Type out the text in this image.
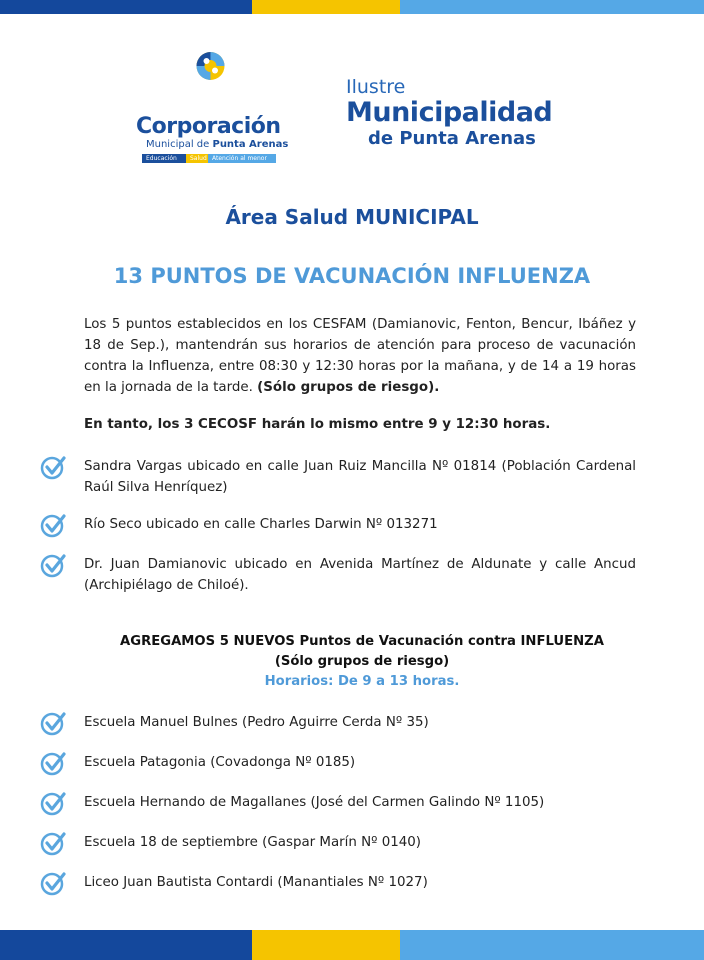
Corporación
Municipal de Punta Arenas
Educación	Salud Atención al menor
Ilustre
Municipalidad
de Punta Arenas
Área Salud MUNICIPAL
13 PUNTOS DE VACUNACIÓN INFLUENZA
Los 5 puntos establecidos en los CESFAM (Damianovic, Fenton, Bencur, Ibáñez y 18 de Sep.), mantendrán sus horarios de atención para proceso de vacunación contra la Influenza, entre 08:30 y 12:30 horas por la mañana, y de 14 a 19 horas en la jornada de la tarde. (Sólo grupos de riesgo).
En tanto, los 3 CECOSF harán lo mismo entre 9 y 12:30 horas.
Sandra Vargas ubicado en calle Juan Ruiz Mancilla Nº 01814 (Población Cardenal Raúl Silva Henríquez)
Río Seco ubicado en calle Charles Darwin Nº 013271
Dr. Juan Damianovic ubicado en Avenida Martínez de Aldunate y calle Ancud (Archipiélago de Chiloé).
AGREGAMOS 5 NUEVOS Puntos de Vacunación contra INFLUENZA
(Sólo grupos de riesgo)
Horarios: De 9 a 13 horas.
Escuela Manuel Bulnes (Pedro Aguirre Cerda Nº 35)
Escuela Patagonia (Covadonga Nº 0185)
Escuela Hernando de Magallanes (José del Carmen Galindo Nº 1105)
Escuela 18 de septiembre (Gaspar Marín Nº 0140)
Liceo Juan Bautista Contardi (Manantiales Nº 1027)
